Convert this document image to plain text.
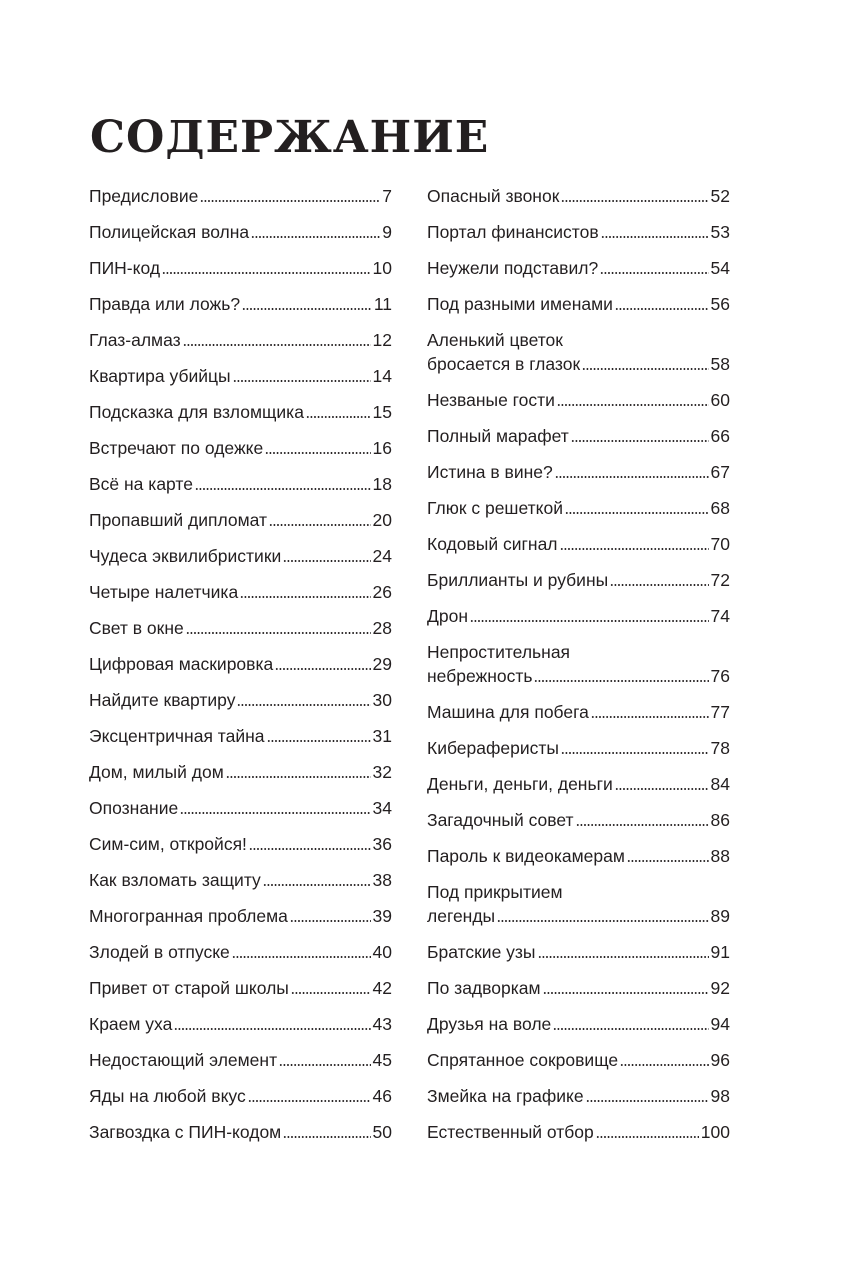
СОДЕРЖАНИЕ
Предисловие	7
Полицейская волна	9
ПИН-код	10
Правда или ложь?	11
Глаз-алмаз	12
Квартира убийцы	14
Подсказка для взломщика	15
Встречают по одежке	16
Всё на карте	18
Пропавший дипломат	20
Чудеса эквилибристики	24
Четыре налетчика	26
Свет в окне	28
Цифровая маскировка	29
Найдите квартиру	30
Эксцентричная тайна	31
Дом, милый дом	32
Опознание	34
Сим-сим, откройся!	36
Как взломать защиту	38
Многогранная проблема	39
Злодей в отпуске	40
Привет от старой школы	42
Краем уха	43
Недостающий элемент	45
Яды на любой вкус	46
Загвоздка с ПИН-кодом	50
Опасный звонок	52
Портал финансистов	53
Неужели подставил?	54
Под разными именами	56
Аленький цветок
бросается в глазок	58
Незваные гости	60
Полный марафет	66
Истина в вине?	67
Глюк с решеткой	68
Кодовый сигнал	70
Бриллианты и рубины	72
Дрон	74
Непростительная
небрежность	76
Машина для побега	77
Кибераферисты	78
Деньги, деньги, деньги	84
Загадочный совет	86
Пароль к видеокамерам	88
Под прикрытием
легенды	89
Братские узы	91
По задворкам	92
Друзья на воле	94
Спрятанное сокровище	96
Змейка на графике	98
Естественный отбор	100
